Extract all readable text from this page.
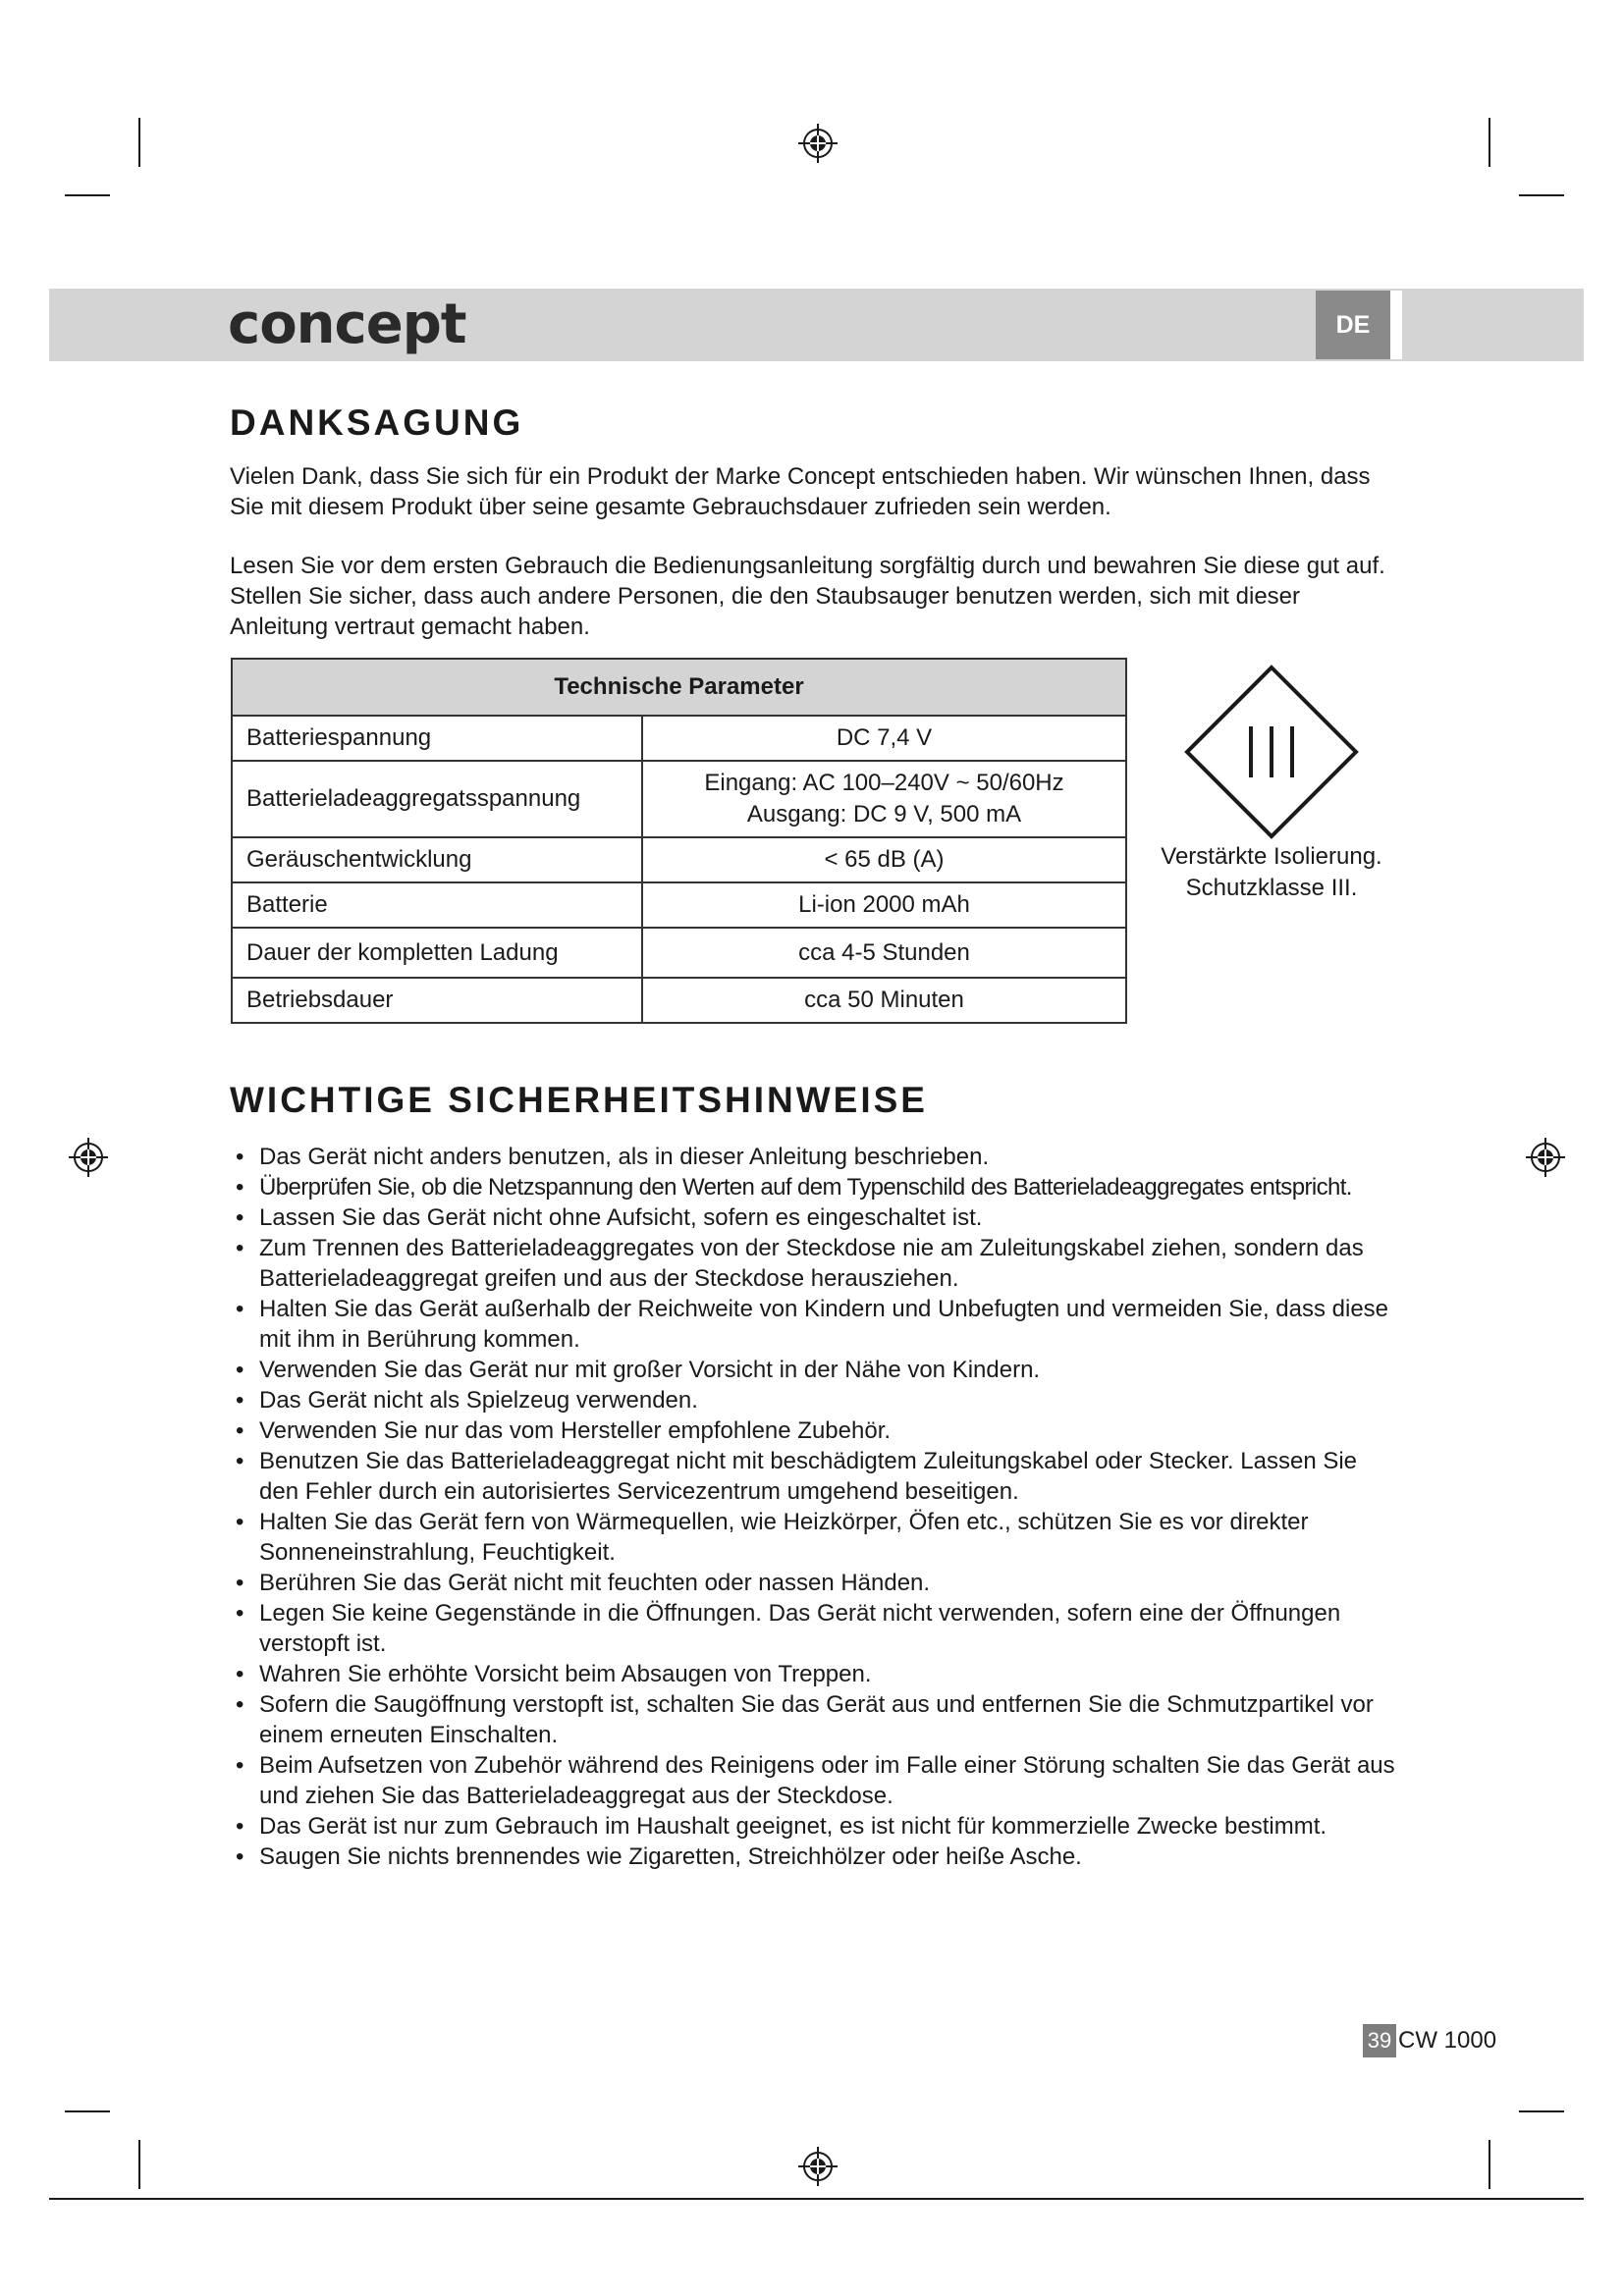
concept	DE
DANKSAGUNG

Vielen Dank, dass Sie sich für ein Produkt der Marke Concept entschieden haben. Wir wünschen Ihnen, dass Sie mit diesem Produkt über seine gesamte Gebrauchsdauer zufrieden sein werden.

Lesen Sie vor dem ersten Gebrauch die Bedienungsanleitung sorgfältig durch und bewahren Sie diese gut auf. Stellen Sie sicher, dass auch andere Personen, die den Staubsauger benutzen werden, sich mit dieser Anleitung vertraut gemacht haben.

Technische Parameter	
Batteriespannung	DC 7,4 V
Batterieladeaggregatsspannung	Eingang: AC 100–240V ~ 50/60Hz
Ausgang: DC 9 V, 500 mA

Geräuschentwicklung	< 65 dB (A)
Batterie	Li-ion 2000 mAh
Dauer der kompletten Ladung	cca 4-5 Stunden
Betriebsdauer	cca 50 Minuten
Verstärkte Isolierung.
Schutzklasse III.
WICHTIGE SICHERHEITSHINWEISE
• Das Gerät nicht anders benutzen, als in dieser Anleitung beschrieben.
• Überprüfen Sie, ob die Netzspannung den Werten auf dem Typenschild des Batterieladeaggregates entspricht.
• Lassen Sie das Gerät nicht ohne Aufsicht, sofern es eingeschaltet ist.
• Zum Trennen des Batterieladeaggregates von der Steckdose nie am Zuleitungskabel ziehen, sondern das Batterieladeaggregat greifen und aus der Steckdose herausziehen.
• Halten Sie das Gerät außerhalb der Reichweite von Kindern und Unbefugten und vermeiden Sie, dass diese mit ihm in Berührung kommen.
• Verwenden Sie das Gerät nur mit großer Vorsicht in der Nähe von Kindern.
• Das Gerät nicht als Spielzeug verwenden.
• Verwenden Sie nur das vom Hersteller empfohlene Zubehör.
• Benutzen Sie das Batterieladeaggregat nicht mit beschädigtem Zuleitungskabel oder Stecker. Lassen Sie den Fehler durch ein autorisiertes Servicezentrum umgehend beseitigen.
• Halten Sie das Gerät fern von Wärmequellen, wie Heizkörper, Öfen etc., schützen Sie es vor direkter Sonneneinstrahlung, Feuchtigkeit.
• Berühren Sie das Gerät nicht mit feuchten oder nassen Händen.
• Legen Sie keine Gegenstände in die Öffnungen. Das Gerät nicht verwenden, sofern eine der Öffnungen verstopft ist.
• Wahren Sie erhöhte Vorsicht beim Absaugen von Treppen.
• Sofern die Saugöffnung verstopft ist, schalten Sie das Gerät aus und entfernen Sie die Schmutzpartikel vor einem erneuten Einschalten.
• Beim Aufsetzen von Zubehör während des Reinigens oder im Falle einer Störung schalten Sie das Gerät aus und ziehen Sie das Batterieladeaggregat aus der Steckdose.
• Das Gerät ist nur zum Gebrauch im Haushalt geeignet, es ist nicht für kommerzielle Zwecke bestimmt.
• Saugen Sie nichts brennendes wie Zigaretten, Streichhölzer oder heiße Asche.
39 CW 1000
